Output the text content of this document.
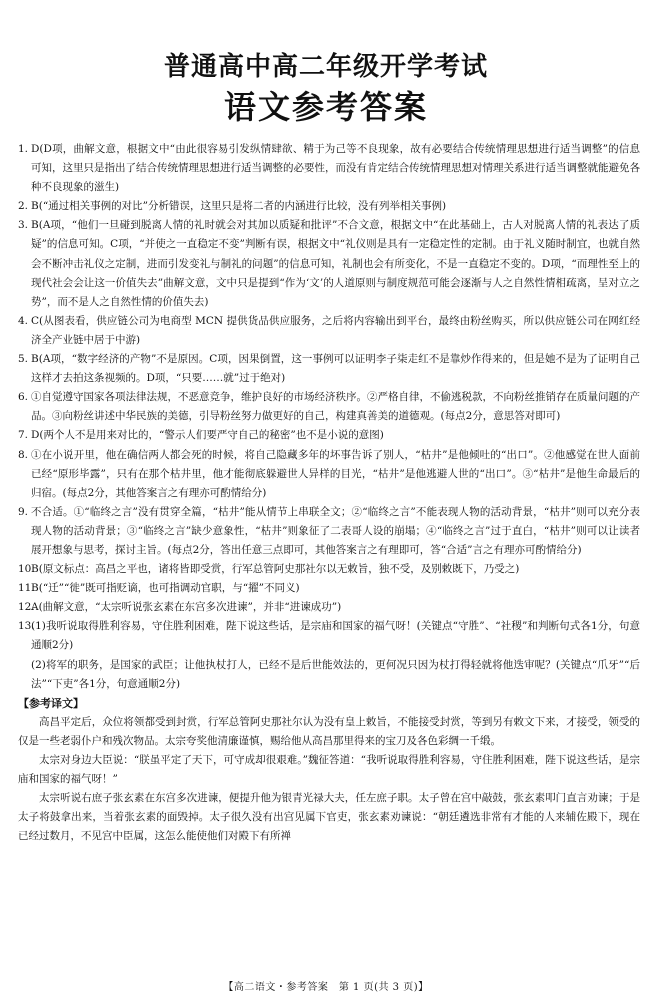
普通高中高二年级开学考试
语文参考答案

1. D(D项，曲解文意，根据文中“由此很容易引发纵情肆欲、精于为己等不良现象，故有必要结合传统情理思想进行适当调整”的信息可知，这里只是指出了结合传统情理思想进行适当调整的必要性，而没有肯定结合传统情理思想对情理关系进行适当调整就能避免各种不良现象的滋生)

2. B(“通过相关事例的对比”分析错误，这里只是将二者的内涵进行比较，没有列举相关事例)

3. B(A项，“他们一旦碰到脱离人情的礼时就会对其加以质疑和批评”不合文意，根据文中“在此基础上，古人对脱离人情的礼表达了质疑”的信息可知。C项，“并使之一直稳定不变”判断有误，根据文中“礼仪则是具有一定稳定性的定制。由于礼义随时制宜，也就自然会不断冲击礼仪之定制，进而引发变礼与制礼的问题”的信息可知，礼制也会有所变化，不是一直稳定不变的。D项，“而理性至上的现代社会会让这一价值失去”曲解文意，文中只是提到“作为‘文’的人道原则与制度规范可能会逐渐与人之自然性情相疏离，呈对立之势”，而不是人之自然性情的价值失去)

4. C(从图表看，供应链公司为电商型 MCN 提供货品供应服务，之后将内容输出到平台，最终由粉丝购买，所以供应链公司在网红经济全产业链中居于中游)

5. B(A项，“数字经济的产物”不是原因。C项，因果倒置，这一事例可以证明李子柒走红不是靠炒作得来的，但是她不是为了证明自己这样才去拍这条视频的。D项，“只要……就”过于绝对)

6. ①自觉遵守国家各项法律法规，不恶意竞争，维护良好的市场经济秩序。②严格自律，不偷逃税款，不向粉丝推销存在质量问题的产品。③向粉丝讲述中华民族的美德，引导粉丝努力做更好的自己，构建真善美的道德观。(每点2分，意思答对即可)

7. D(两个人不是用来对比的，“警示人们要严守自己的秘密”也不是小说的意图)

8. ①在小说开里，他在确信两人都会死的时候，将自己隐藏多年的坏事告诉了别人，“枯井”是他倾吐的“出口”。②他感觉在世人面前已经“原形毕露”，只有在那个枯井里，他才能彻底躲避世人异样的目光，“枯井”是他逃避人世的“出口”。③“枯井”是他生命最后的归宿。(每点2分，其他答案言之有理亦可酌情给分)

9. 不合适。①“临终之言”没有贯穿全篇，“枯井”能从情节上串联全文；②“临终之言”不能表现人物的活动背景，“枯井”则可以充分表现人物的活动背景；③“临终之言”缺少意象性，“枯井”则象征了二表哥人设的崩塌；④“临终之言”过于直白，“枯井”则可以让读者展开想象与思考，探讨主旨。(每点2分，答出任意三点即可，其他答案言之有理即可，答“合适”言之有理亦可酌情给分)

10.
B(原文标点：高昌之平也，诸将皆即受赏，行军总管阿史那社尔以无敕旨，独不受，及别敕既下，乃受之)

11.
B(“迁”“徙”既可指贬谪，也可指调动官职，与“擢”不同义)

12.
A(曲解文意，“太宗听说张玄素在东宫多次进谏”，并非“进谏成功”)

13.
(1)我听说取得胜利容易，守住胜利困难，陛下说这些话，是宗庙和国家的福气呀！(关键点“守胜”、“社稷”和判断句式各1分，句意通顺2分)

(2)将军的职务，是国家的武臣；让他执杖打人，已经不是后世能效法的，更何况只因为杖打得轻就将他迭审呢？(关键点“爪牙”“后法”“下吏”各1分，句意通顺2分)

【参考译文】

高昌平定后，众位将领都受到封赏，行军总管阿史那社尔认为没有皇上敕旨，不能接受封赏，等到另有敕文下来，才接受，领受的仅是一些老弱仆户和残次物品。太宗夸奖他清廉谨慎，赐给他从高昌那里得来的宝刀及各色彩绸一千缎。

太宗对身边大臣说：“朕虽平定了天下，可守成却很艰难。”魏征答道：“我听说取得胜利容易，守住胜利困难，陛下说这些话，是宗庙和国家的福气呀！”

太宗听说右庶子张玄素在东宫多次进谏，便提升他为银青光禄大夫，任左庶子职。太子曾在宫中敲鼓，张玄素叩门直言劝谏；于是太子将鼓拿出来，当着张玄素的面毁掉。太子很久没有出宫见属下官吏，张玄素劝谏说：“朝廷遴选非常有才能的人来辅佐殿下，现在已经过数月，不见宫中臣属，这怎么能使他们对殿下有所禅

【高二语文・参考答案　第 1 页(共 3 页)】
